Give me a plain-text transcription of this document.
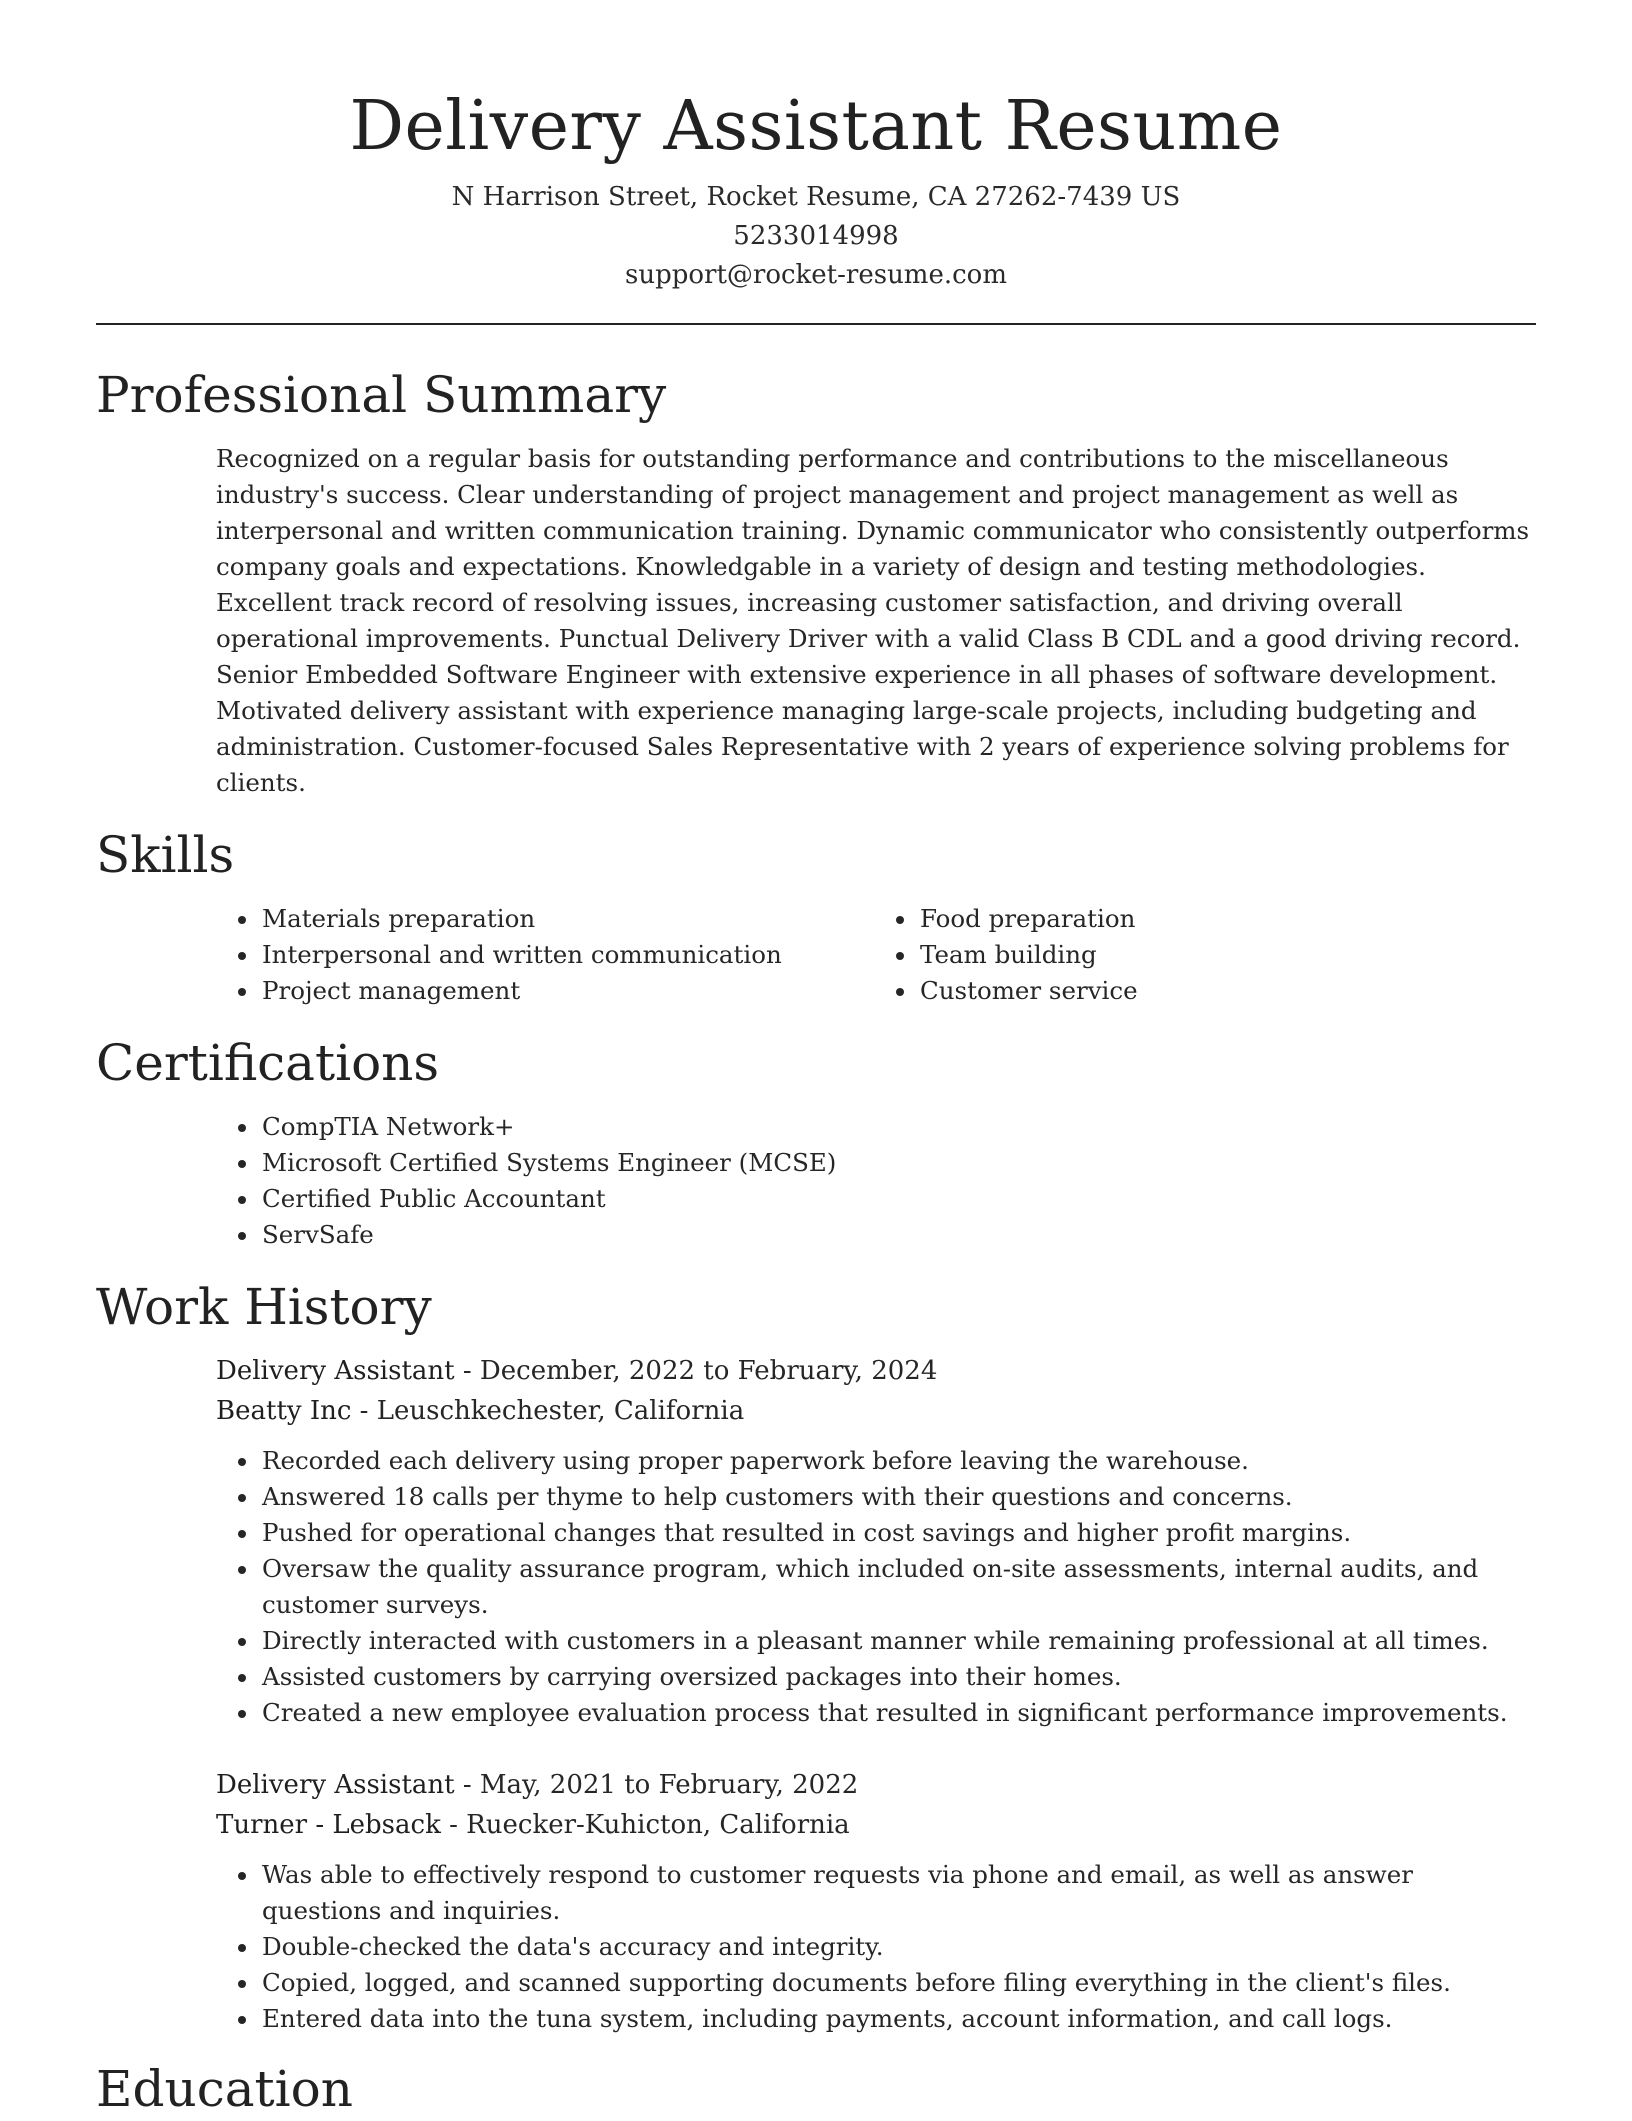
Delivery Assistant Resume
N Harrison Street, Rocket Resume, CA 27262-7439 US
5233014998
support@rocket-resume.com
Professional Summary

Recognized on a regular basis for outstanding performance and contributions to the miscellaneous industry's success. Clear understanding of project management and project management as well as interpersonal and written communication training. Dynamic communicator who consistently outperforms company goals and expectations. Knowledgable in a variety of design and testing methodologies. Excellent track record of resolving issues, increasing customer satisfaction, and driving overall operational improvements. Punctual Delivery Driver with a valid Class B CDL and a good driving record. Senior Embedded Software Engineer with extensive experience in all phases of software development. Motivated delivery assistant with experience managing large-scale projects, including budgeting and administration. Customer-focused Sales Representative with 2 years of experience solving problems for clients.

Skills
• Materials preparation
• Interpersonal and written communication
• Project management
• Food preparation
• Team building
• Customer service
Certifications
• CompTIA Network+
• Microsoft Certified Systems Engineer (MCSE)
• Certified Public Accountant
• ServSafe
Work History
Delivery Assistant - December, 2022 to February, 2024
Beatty Inc - Leuschkechester, California
• Recorded each delivery using proper paperwork before leaving the warehouse.
• Answered 18 calls per thyme to help customers with their questions and concerns.
• Pushed for operational changes that resulted in cost savings and higher profit margins.
• Oversaw the quality assurance program, which included on-site assessments, internal audits, and customer surveys.
• Directly interacted with customers in a pleasant manner while remaining professional at all times.
• Assisted customers by carrying oversized packages into their homes.
• Created a new employee evaluation process that resulted in significant performance improvements.
Delivery Assistant - May, 2021 to February, 2022
Turner - Lebsack - Ruecker-Kuhicton, California
• Was able to effectively respond to customer requests via phone and email, as well as answer questions and inquiries.
• Double-checked the data's accuracy and integrity.
• Copied, logged, and scanned supporting documents before filing everything in the client's files.
• Entered data into the tuna system, including payments, account information, and call logs.
Education
